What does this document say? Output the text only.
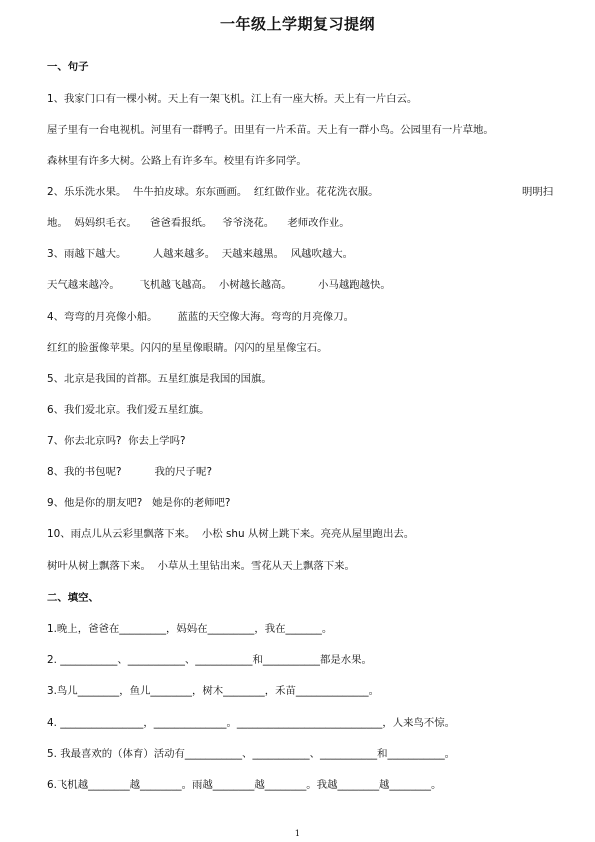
一年级上学期复习提纲
一、句子
1、我家门口有一棵小树。天上有一架飞机。江上有一座大桥。天上有一片白云。
屋子里有一台电视机。河里有一群鸭子。田里有一片禾苗。天上有一群小鸟。公园里有一片草地。
森林里有许多大树。公路上有许多车。校里有许多同学。
2、乐乐洗水果。  牛牛拍皮球。东东画画。  红红做作业。花花洗衣服。	明明扫
地。  妈妈织毛衣。    爸爸看报纸。   爷爷浇花。    老师改作业。
3、雨越下越大。        人越来越多。  天越来越黑。  风越吹越大。
天气越来越冷。      飞机越飞越高。  小树越长越高。        小马越跑越快。
4、弯弯的月亮像小船。      蓝蓝的天空像大海。弯弯的月亮像刀。
红红的脸蛋像苹果。闪闪的星星像眼睛。闪闪的星星像宝石。
5、北京是我国的首都。五星红旗是我国的国旗。
6、我们爱北京。我们爱五星红旗。
7、你去北京吗?  你去上学吗?
8、我的书包呢?          我的尺子呢?
9、他是你的朋友吧?   她是你的老师吧?
10、雨点儿从云彩里飘落下来。  小松 shu 从树上跳下来。亮亮从屋里跑出去。
树叶从树上飘落下来。  小草从土里钻出来。雪花从天上飘落下来。
二、填空、
1.晚上，爸爸在_________，妈妈在_________，我在_______。
2. ___________、___________、___________和___________都是水果。
3.鸟儿________，鱼儿________，树木________，禾苗______________。
4. ________________，______________。____________________________，人来鸟不惊。
5. 我最喜欢的（体育）活动有___________、___________、___________和___________。
6.飞机越________越________。雨越________越________。我越________越________。
1
